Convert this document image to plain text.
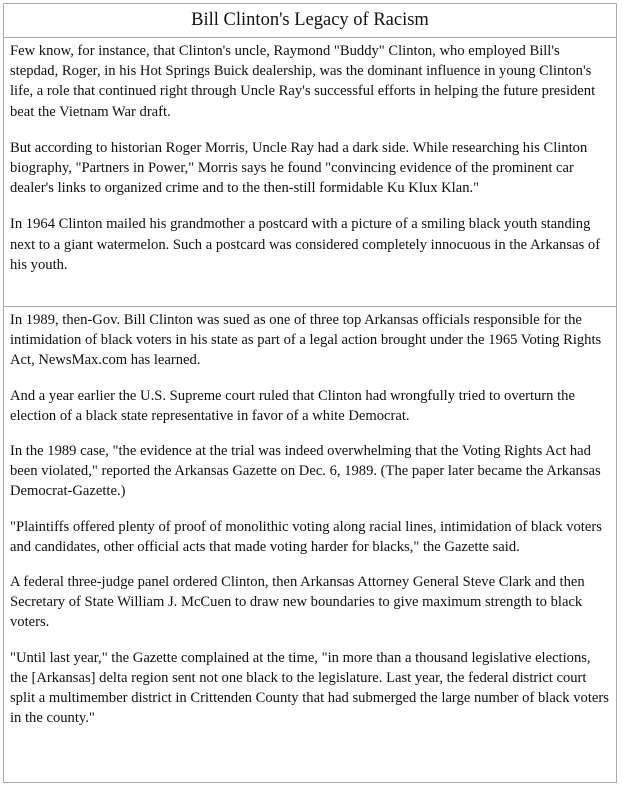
Bill Clinton's Legacy of Racism

Few know, for instance, that Clinton's uncle, Raymond "Buddy" Clinton, who employed Bill's stepdad, Roger, in his Hot Springs Buick dealership, was the dominant influence in young Clinton's life, a role that continued right through Uncle Ray's successful efforts in helping the future president beat the Vietnam War draft.

But according to historian Roger Morris, Uncle Ray had a dark side. While researching his Clinton biography, "Partners in Power," Morris says he found "convincing evidence of the prominent car dealer's links to organized crime and to the then-still formidable Ku Klux Klan."

In 1964 Clinton mailed his grandmother a postcard with a picture of a smiling black youth standing next to a giant watermelon. Such a postcard was considered completely innocuous in the Arkansas of his youth.

In 1989, then-Gov. Bill Clinton was sued as one of three top Arkansas officials responsible for the intimidation of black voters in his state as part of a legal action brought under the 1965 Voting Rights Act, NewsMax.com has learned.

And a year earlier the U.S. Supreme court ruled that Clinton had wrongfully tried to overturn the election of a black state representative in favor of a white Democrat.

In the 1989 case, "the evidence at the trial was indeed overwhelming that the Voting Rights Act had been violated," reported the Arkansas Gazette on Dec. 6, 1989. (The paper later became the Arkansas Democrat-Gazette.)

"Plaintiffs offered plenty of proof of monolithic voting along racial lines, intimidation of black voters and candidates, other official acts that made voting harder for blacks," the Gazette said.

A federal three-judge panel ordered Clinton, then Arkansas Attorney General Steve Clark and then Secretary of State William J. McCuen to draw new boundaries to give maximum strength to black voters.

"Until last year," the Gazette complained at the time, "in more than a thousand legislative elections, the [Arkansas] delta region sent not one black to the legislature. Last year, the federal district court split a multimember district in Crittenden County that had submerged the large number of black voters in the county."
